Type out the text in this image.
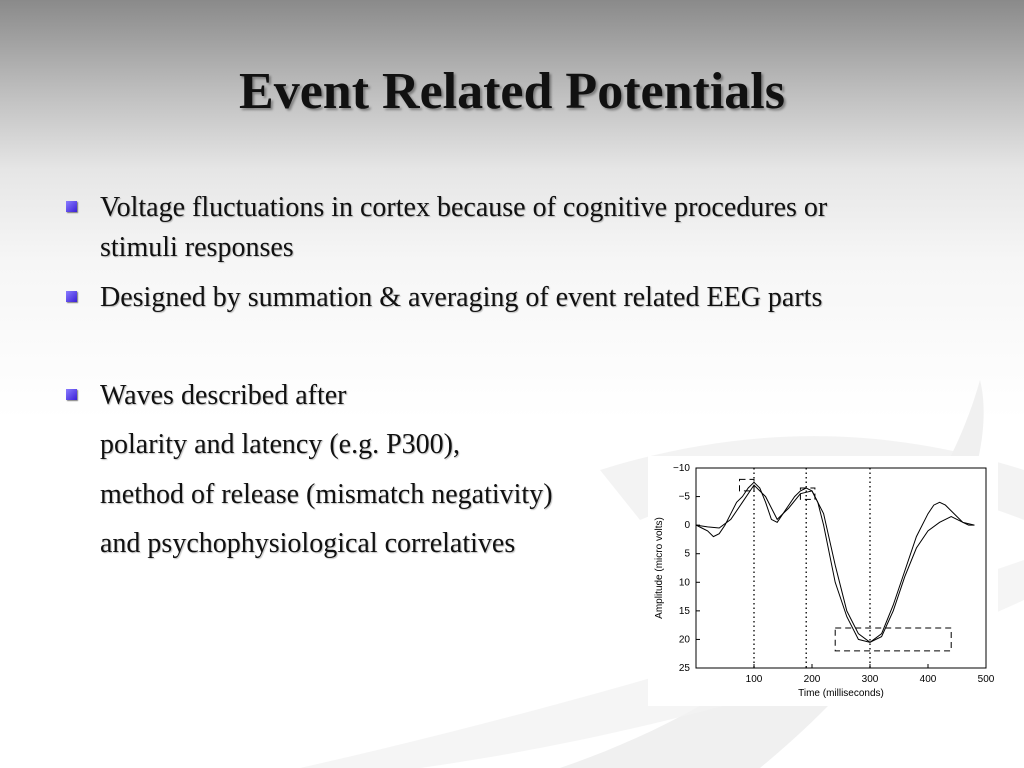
Event Related Potentials
Voltage fluctuations in cortex because of cognitive procedures or
stimuli responses
Designed by summation & averaging of event related EEG parts
Waves described after
polarity and latency (e.g. P300),
method of release (mismatch negativity)
and psychophysiological correlatives
100	200	300	400	500
−10
−5
0
5
10
15
20
25
Time (milliseconds)
Amplitude (micro volts)
